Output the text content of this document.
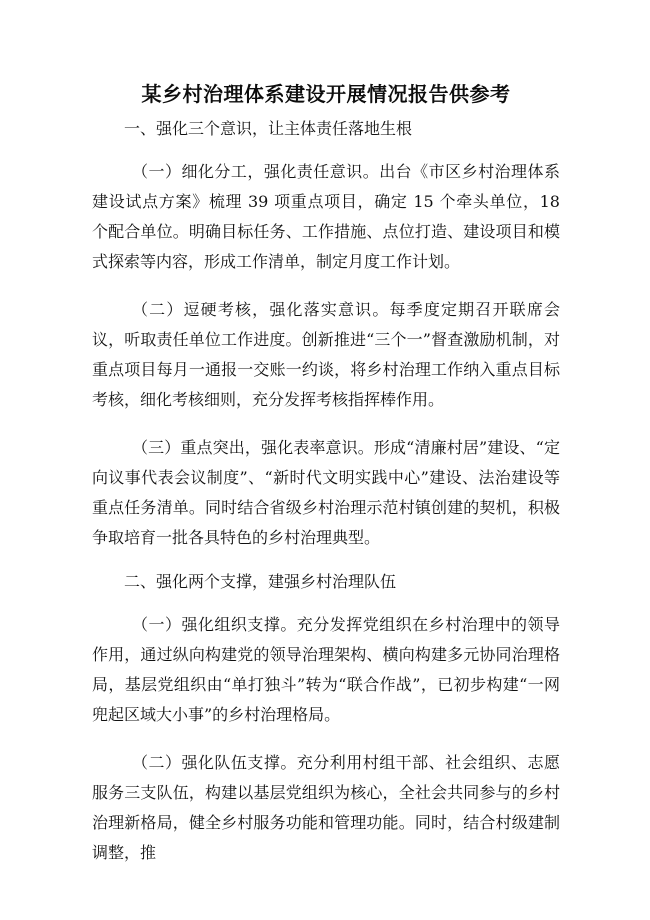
某乡村治理体系建设开展情况报告供参考

一、强化三个意识，让主体责任落地生根

（一）细化分工，强化责任意识。出台《市区乡村治理体系建设试点方案》梳理 39 项重点项目，确定 15 个牵头单位，18 个配合单位。明确目标任务、工作措施、点位打造、建设项目和模式探索等内容，形成工作清单，制定月度工作计划。

（二）逗硬考核，强化落实意识。每季度定期召开联席会议，听取责任单位工作进度。创新推进“三个一”督查激励机制，对重点项目每月一通报一交账一约谈，将乡村治理工作纳入重点目标考核，细化考核细则，充分发挥考核指挥棒作用。

（三）重点突出，强化表率意识。形成“清廉村居”建设、“定向议事代表会议制度”、“新时代文明实践中心”建设、法治建设等重点任务清单。同时结合省级乡村治理示范村镇创建的契机，积极争取培育一批各具特色的乡村治理典型。

二、强化两个支撑，建强乡村治理队伍

（一）强化组织支撑。充分发挥党组织在乡村治理中的领导作用，通过纵向构建党的领导治理架构、横向构建多元协同治理格局，基层党组织由“单打独斗”转为“联合作战”，已初步构建“一网兜起区域大小事”的乡村治理格局。

（二）强化队伍支撑。充分利用村组干部、社会组织、志愿服务三支队伍，构建以基层党组织为核心，全社会共同参与的乡村治理新格局，健全乡村服务功能和管理功能。同时，结合村级建制调整，推
